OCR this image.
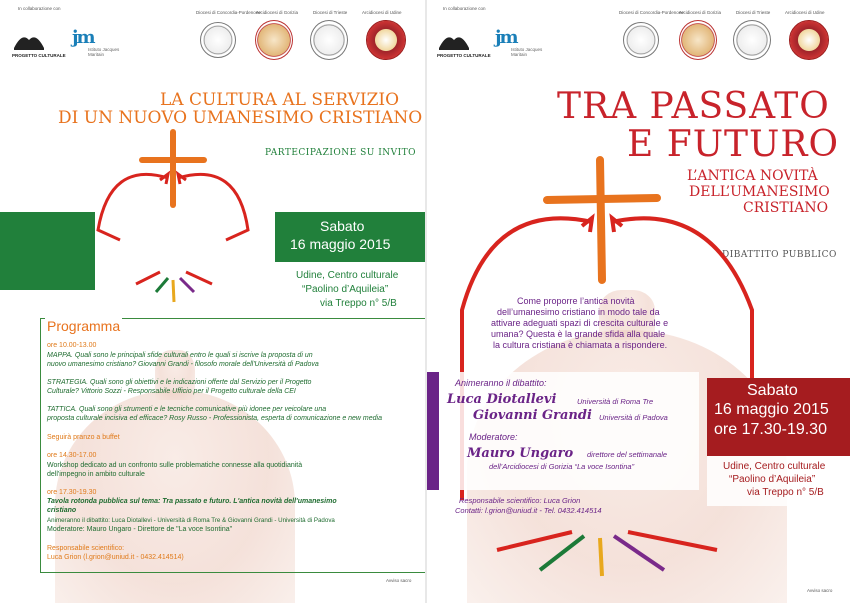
In collaborazione con
PROGETTO CULTURALE
jm
Istituto Jacques Maritain
Diocesi di Concordia-Pordenone
Arcidiocesi di Gorizia	Diocesi di Trieste	Arcidiocesi di Udine
LA CULTURA AL SERVIZIO
DI UN NUOVO UMANESIMO CRISTIANO
PARTECIPAZIONE SU INVITO
Sabato
16 maggio 2015
Udine, Centro culturale
“Paolino d’Aquileia”
via Treppo n° 5/B
Programma
ore 10.00-13.00
MAPPA. Quali sono le principali sfide culturali entro le quali si iscrive la proposta di un
nuovo umanesimo cristiano? Giovanni Grandi - filosofo morale dell'Università di Padova
STRATEGIA. Quali sono gli obiettivi e le indicazioni offerte dal Servizio per il Progetto
Culturale? Vittorio Sozzi - Responsabile Ufficio per il Progetto culturale della CEI
TATTICA. Quali sono gli strumenti e le tecniche comunicative più idonee per veicolare una
proposta culturale incisiva ed efficace? Rosy Russo - Professionista, esperta di comunicazione e new media
Seguirà pranzo a buffet
ore 14.30-17.00
Workshop dedicato ad un confronto sulle problematiche connesse alla quotidianità
dell'impegno in ambito culturale
ore 17.30-19.30
Tavola rotonda pubblica sul tema: Tra passato e futuro. L'antica novità dell'umanesimo
cristiano
Animeranno il dibattito: Luca Diotallevi - Università di Roma Tre & Giovanni Grandi - Università di Padova
Moderatore: Mauro Ungaro - Direttore de "La voce Isontina"
Responsabile scientifico:
Luca Grion (l.grion@uniud.it - 0432.414514)
Avviso sacro
In collaborazione con
PROGETTO CULTURALE
jm
Istituto Jacques Maritain
Diocesi di Concordia-Pordenone
Arcidiocesi di Gorizia	Diocesi di Trieste	Arcidiocesi di Udine
TRA PASSATO
E FUTURO
L’ANTICA NOVITÀ
DELL’UMANESIMO
CRISTIANO
DIBATTITO PUBBLICO
Come proporre l’antica novità
dell’umanesimo cristiano in modo tale da
attivare adeguati spazi di crescita culturale e
umana? Questa è la grande sfida alla quale
la cultura cristiana è chiamata a rispondere.
Animeranno il dibattito:
Luca Diotallevi	Università di Roma Tre
Giovanni Grandi Università di Padova
Moderatore:
Mauro Ungaro direttore del settimanale
dell’Arcidiocesi di Gorizia “La voce Isontina”
Sabato
16 maggio 2015
ore 17.30-19.30
Udine, Centro culturale
“Paolino d’Aquileia”
via Treppo n° 5/B
Responsabile scientifico: Luca Grion
Contatti: l.grion@uniud.it - Tel. 0432.414514
Avviso sacro
